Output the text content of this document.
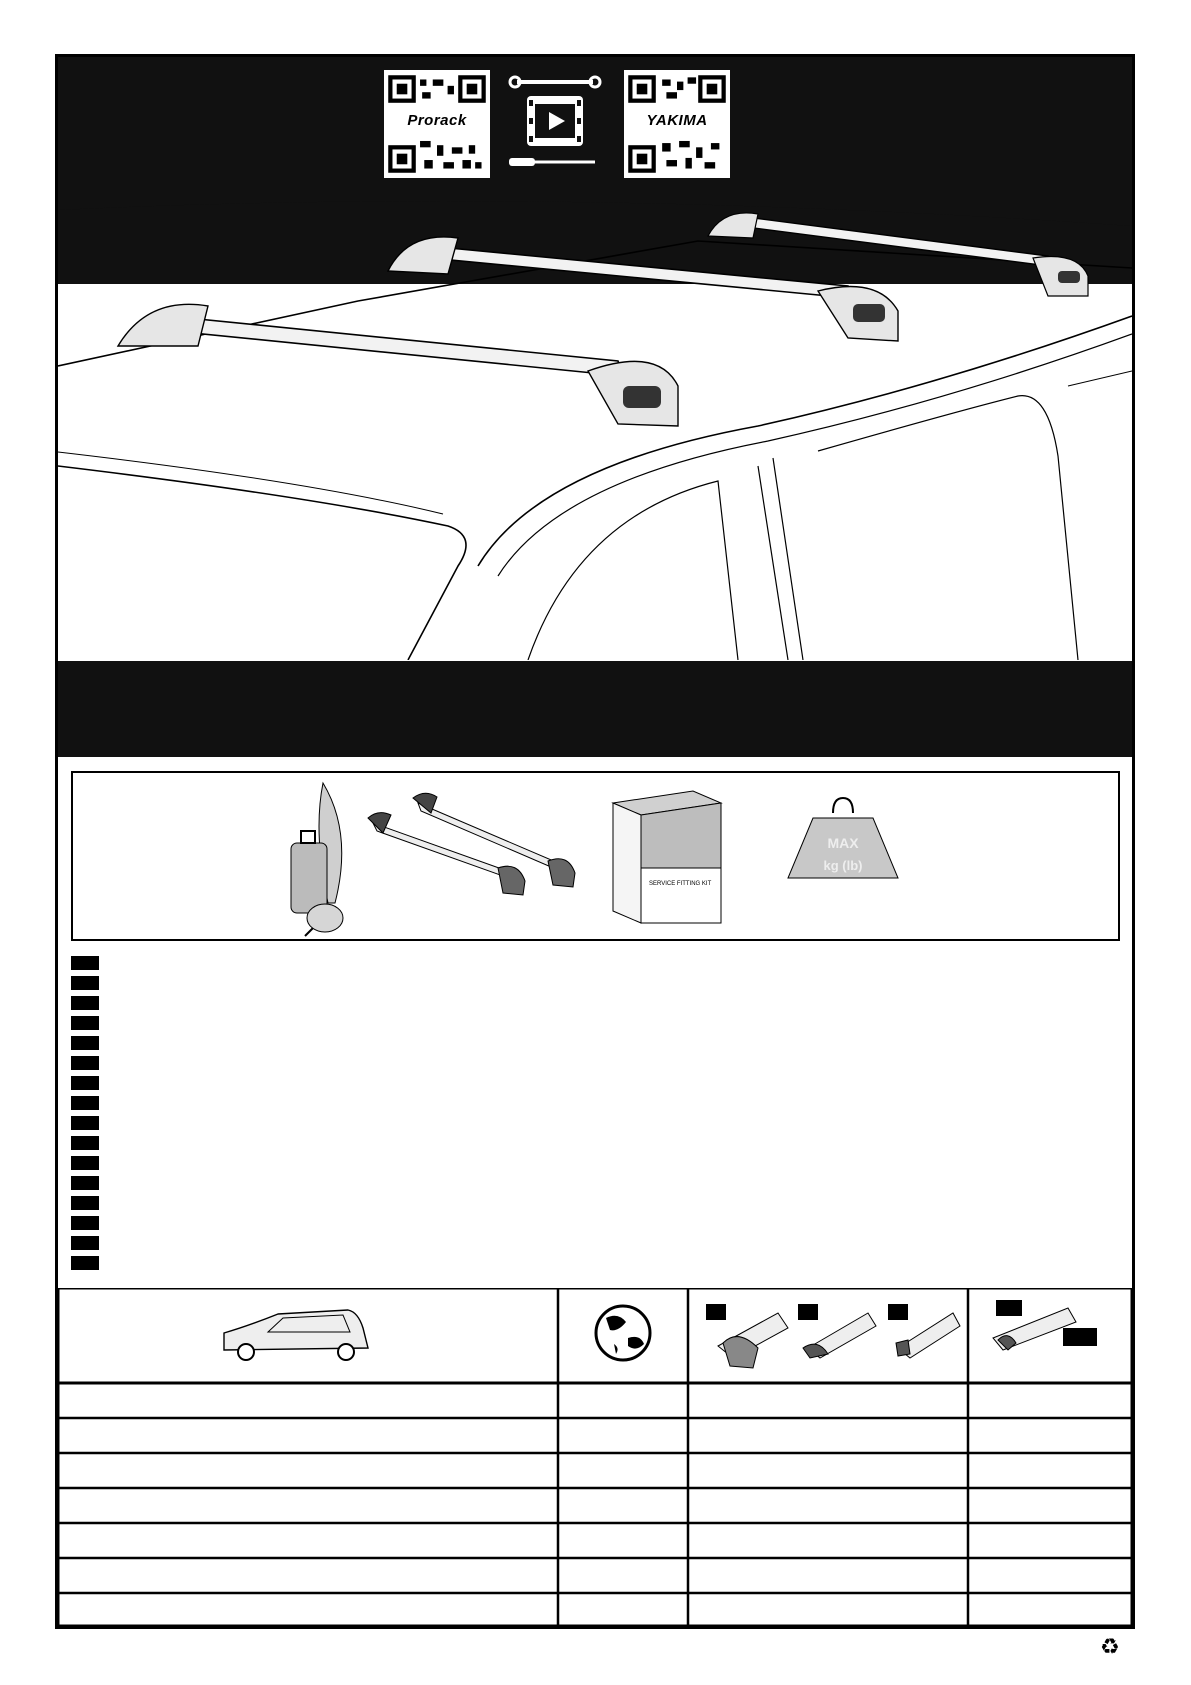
Prorack	YAKIMA
SERVICE FITTING KIT
MAX
kg (lb)
♻
